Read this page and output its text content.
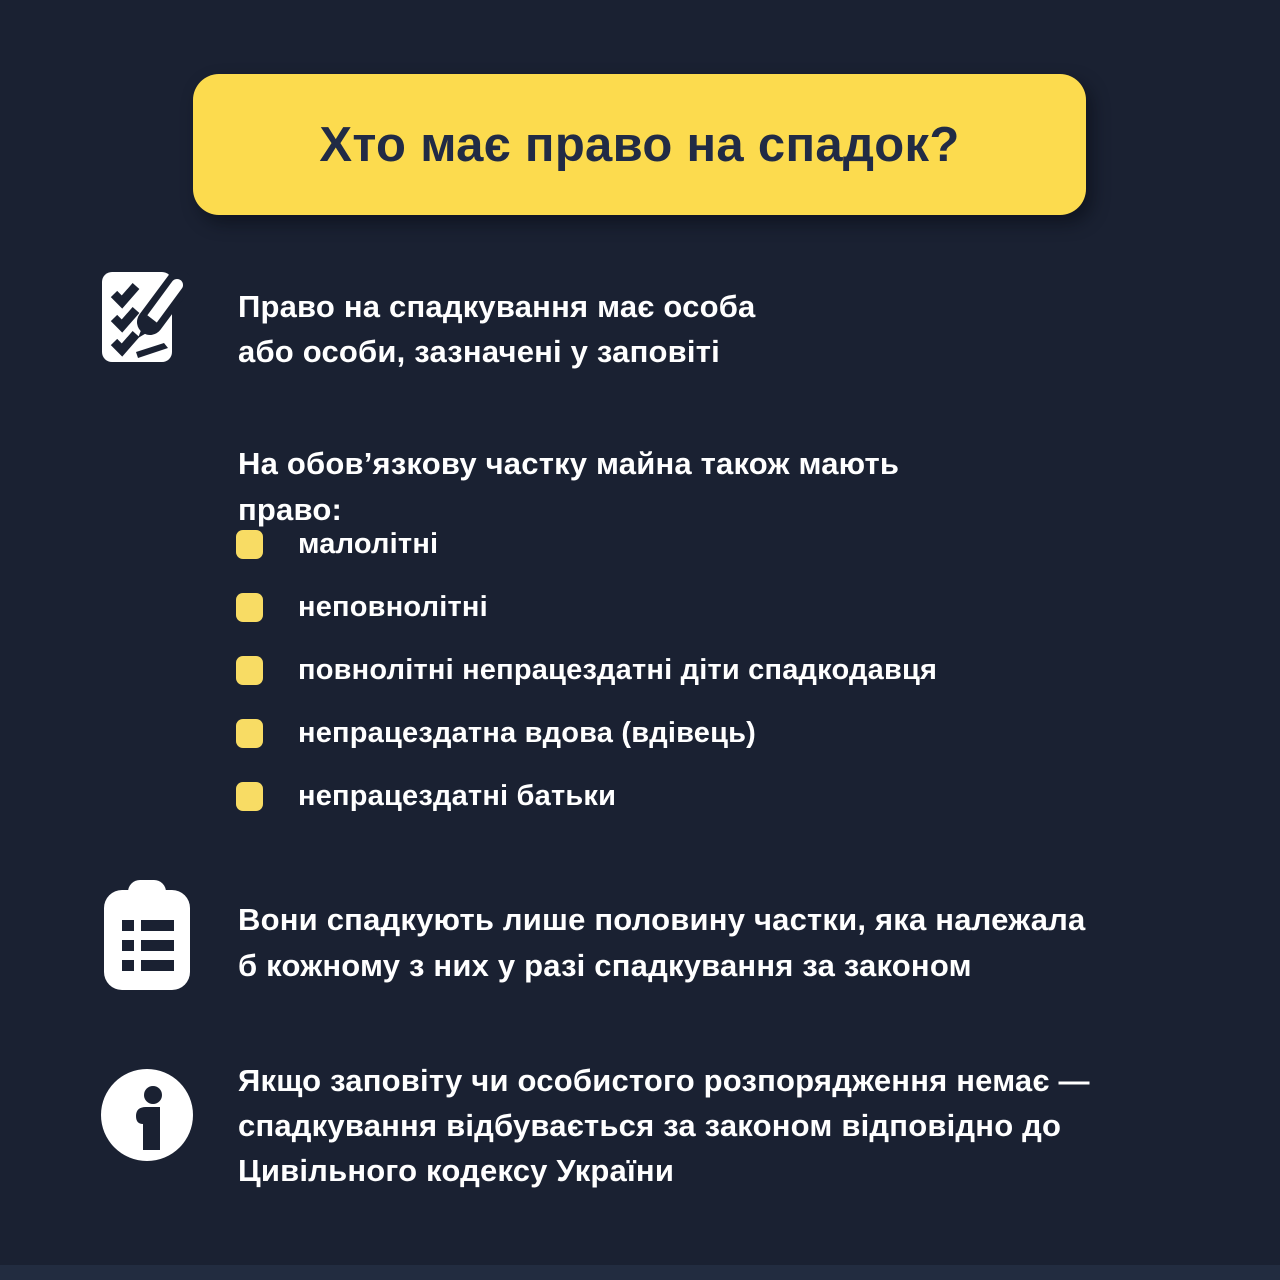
Хто має право на спадок?
Право на спадкування має особа
або особи, зазначені у заповіті
На обов’язкову частку майна також мають
право:
малолітні
неповнолітні
повнолітні непрацездатні діти спадкодавця
непрацездатна вдова (вдівець)
непрацездатні батьки
Вони спадкують лише половину частки, яка належала
б кожному з них у разі спадкування за законом
Якщо заповіту чи особистого розпорядження немає —
спадкування відбувається за законом відповідно до
Цивільного кодексу України
